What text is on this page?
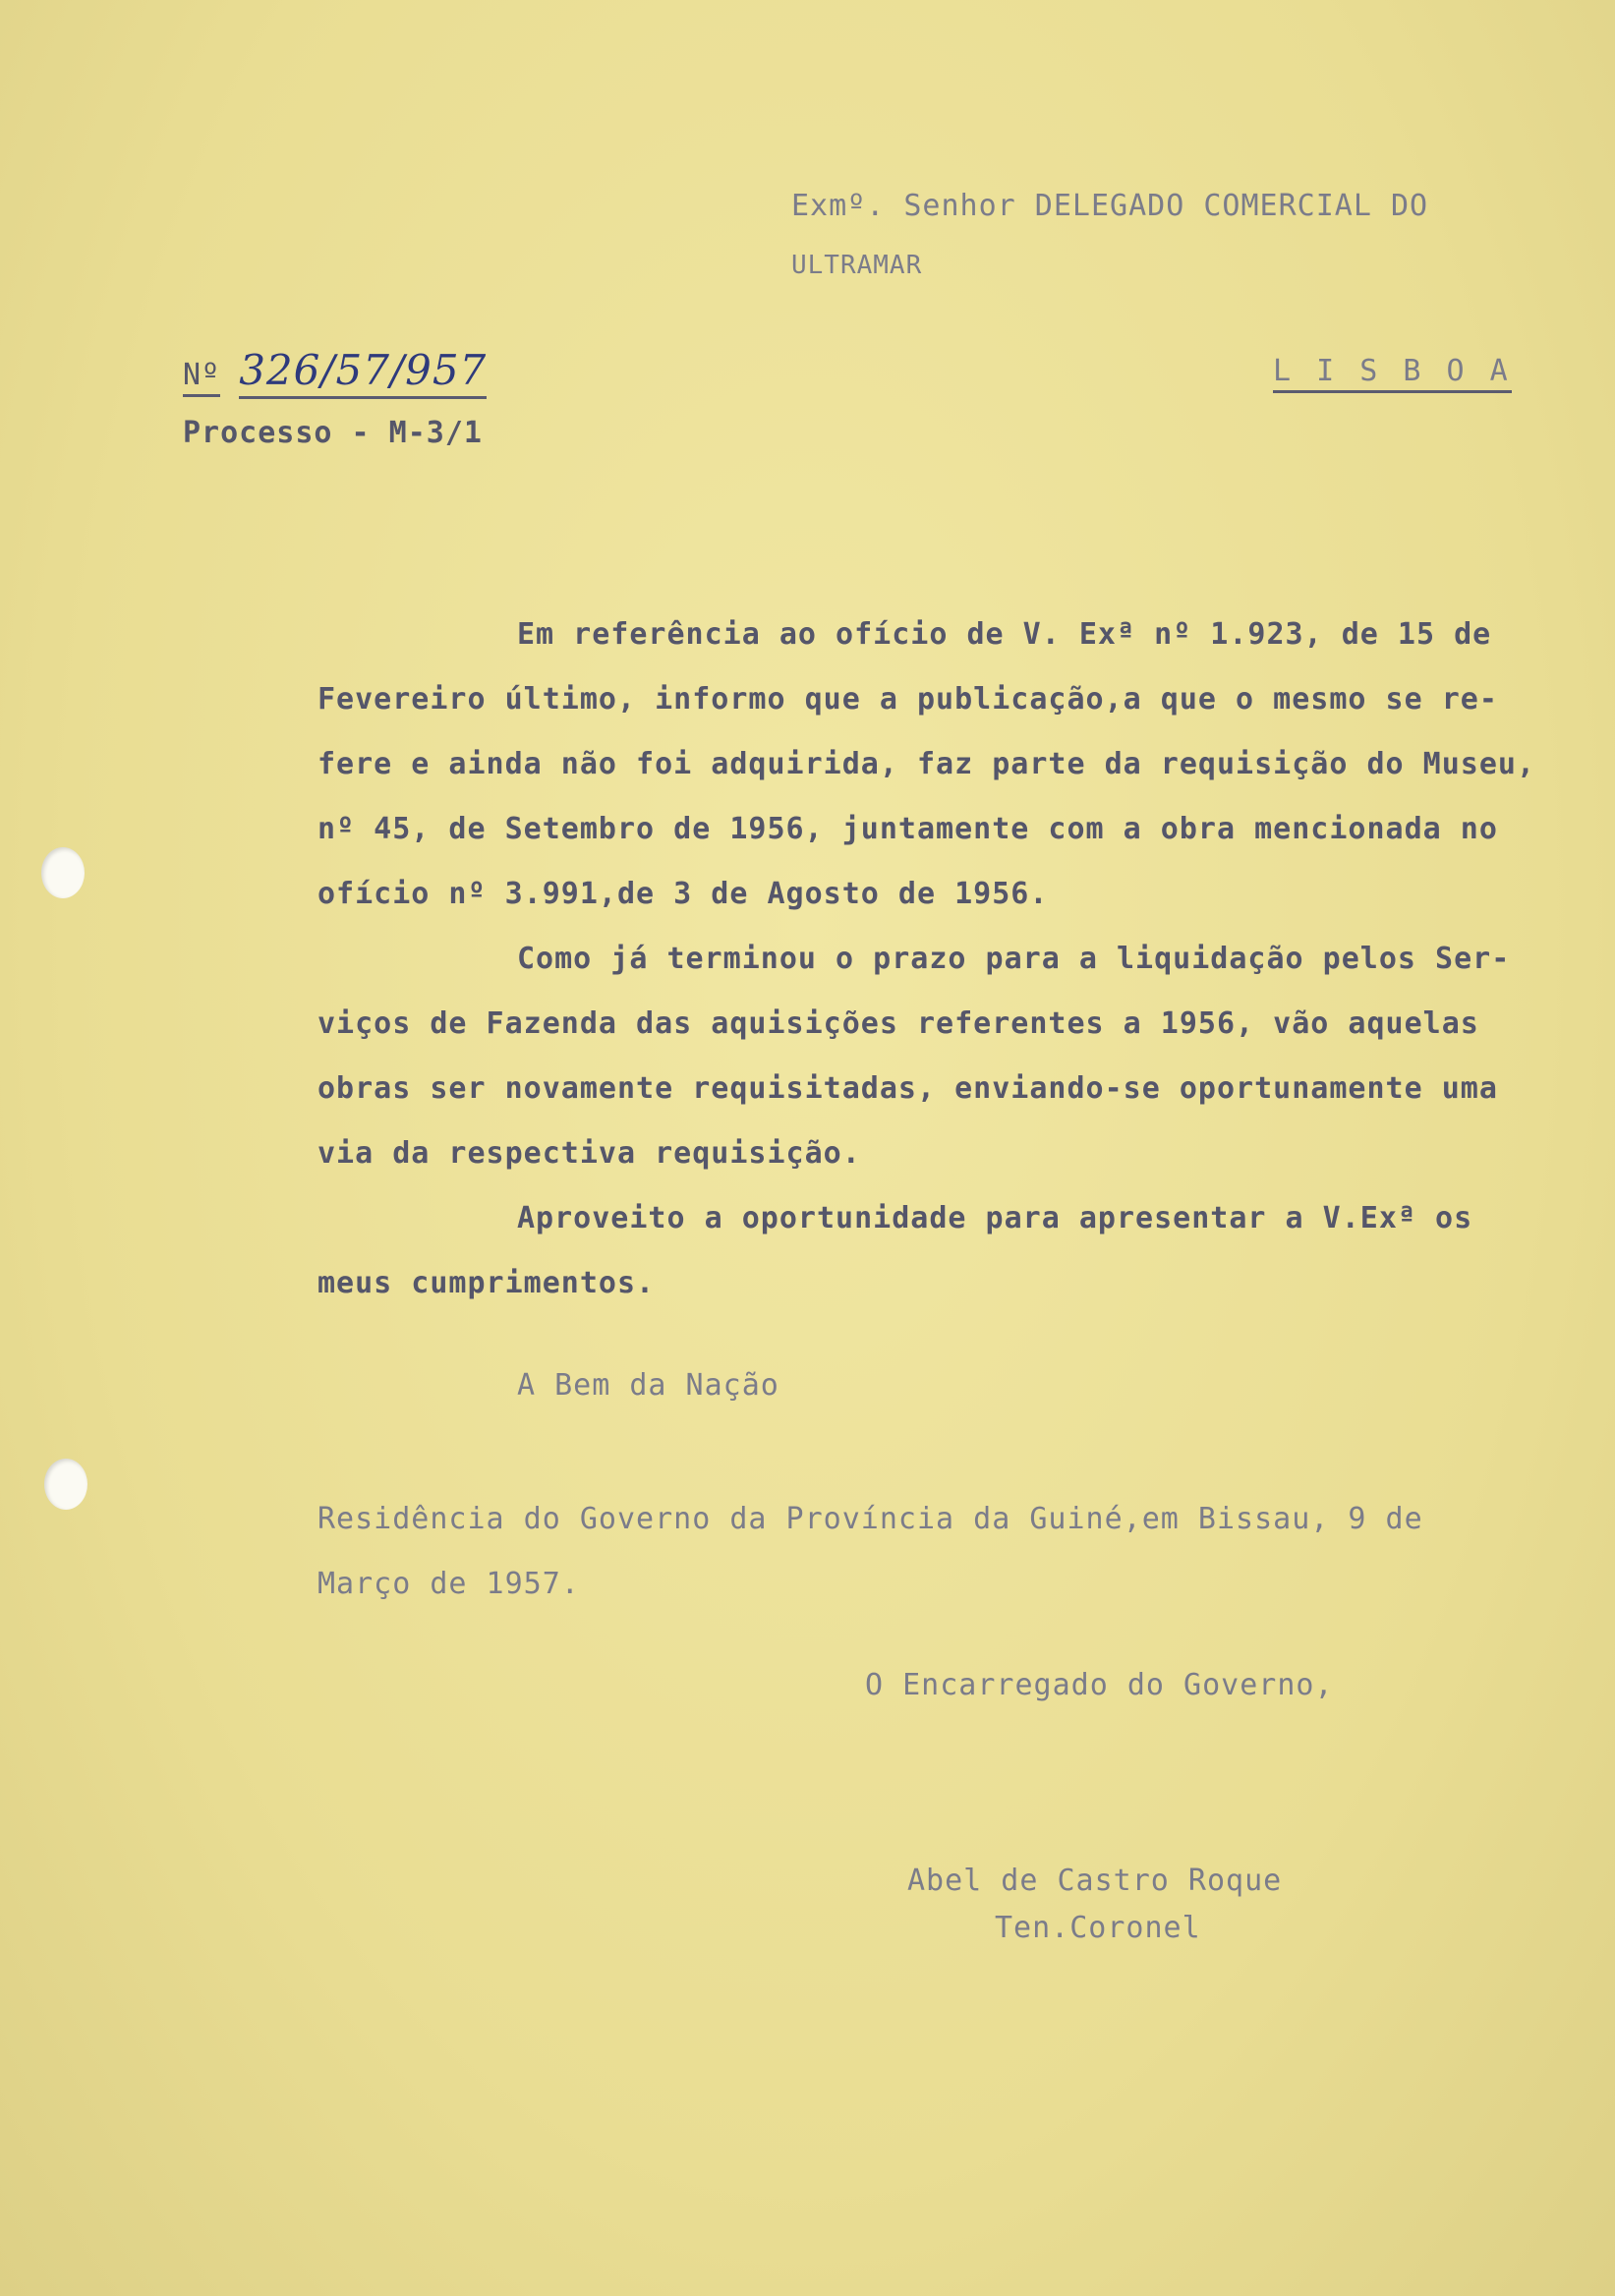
Exmº. Senhor DELEGADO COMERCIAL DO
ULTRAMAR
Nº 326/57/957	L I S B O A
Processo - M-3/1
Em referência ao ofício de V. Exª nº 1.923, de 15 de
Fevereiro último, informo que a publicação,a que o mesmo se re-
fere e ainda não foi adquirida, faz parte da requisição do Museu,
nº 45, de Setembro de 1956, juntamente com a obra mencionada no
ofício nº 3.991,de 3 de Agosto de 1956.
Como já terminou o prazo para a liquidação pelos Ser-
viços de Fazenda das aquisições referentes a 1956, vão aquelas
obras ser novamente requisitadas, enviando-se oportunamente uma
via da respectiva requisição.
Aproveito a oportunidade para apresentar a V.Exª os
meus cumprimentos.
A Bem da Nação
Residência do Governo da Província da Guiné,em Bissau, 9 de
Março de 1957.
O Encarregado do Governo,
Abel de Castro Roque
Ten.Coronel
